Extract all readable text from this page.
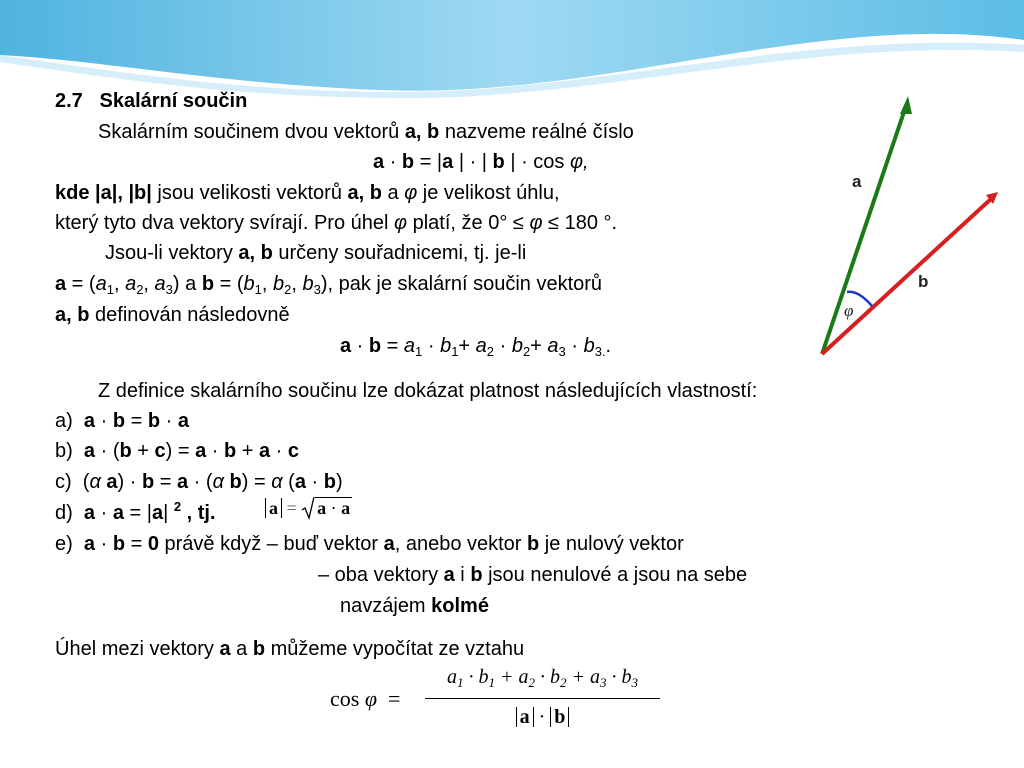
2.7 Skalární součin
Skalárním součinem dvou vektorů a, b nazveme reálné číslo
a · b = |a | · | b | · cos φ,
kde |a|, |b| jsou velikosti vektorů a, b a φ je velikost úhlu,
který tyto dva vektory svírají. Pro úhel φ platí, že 0° ≤ φ ≤ 180 °.
Jsou-li vektory a, b určeny souřadnicemi, tj. je-li
$a = (a_1$, $a_2$, $a_3$) a $b = (b_1$, $b_2$, $b_3$), pak je skalární součin vektorů
a, b definován následovně
$a \cdot b = a_1 \cdot b_1+ a_2 \cdot b_2+ a_3 \cdot b_{3.}$.
a
b
φ
Z definice skalárního součinu lze dokázat platnost následujících vlastností:
a) a · b = b · a
b) a · (b + c) = a · b + a · c
c)  (α a) · b = a · (α b) = α (a · b)
d) a · a = |a| $^2$ , tj.	a = a · a
e) a · b = 0 právě když – buď vektor a, anebo vektor b je nulový vektor
– oba vektory a i b jsou nenulové a jsou na sebe
navzájem kolmé
Úhel mezi vektory a a b můžeme vypočítat ze vztahu
cos φ  =
$a_1 \cdot b_1 + a_2 \cdot b_2 + a_3 \cdot b_3$
a · b
